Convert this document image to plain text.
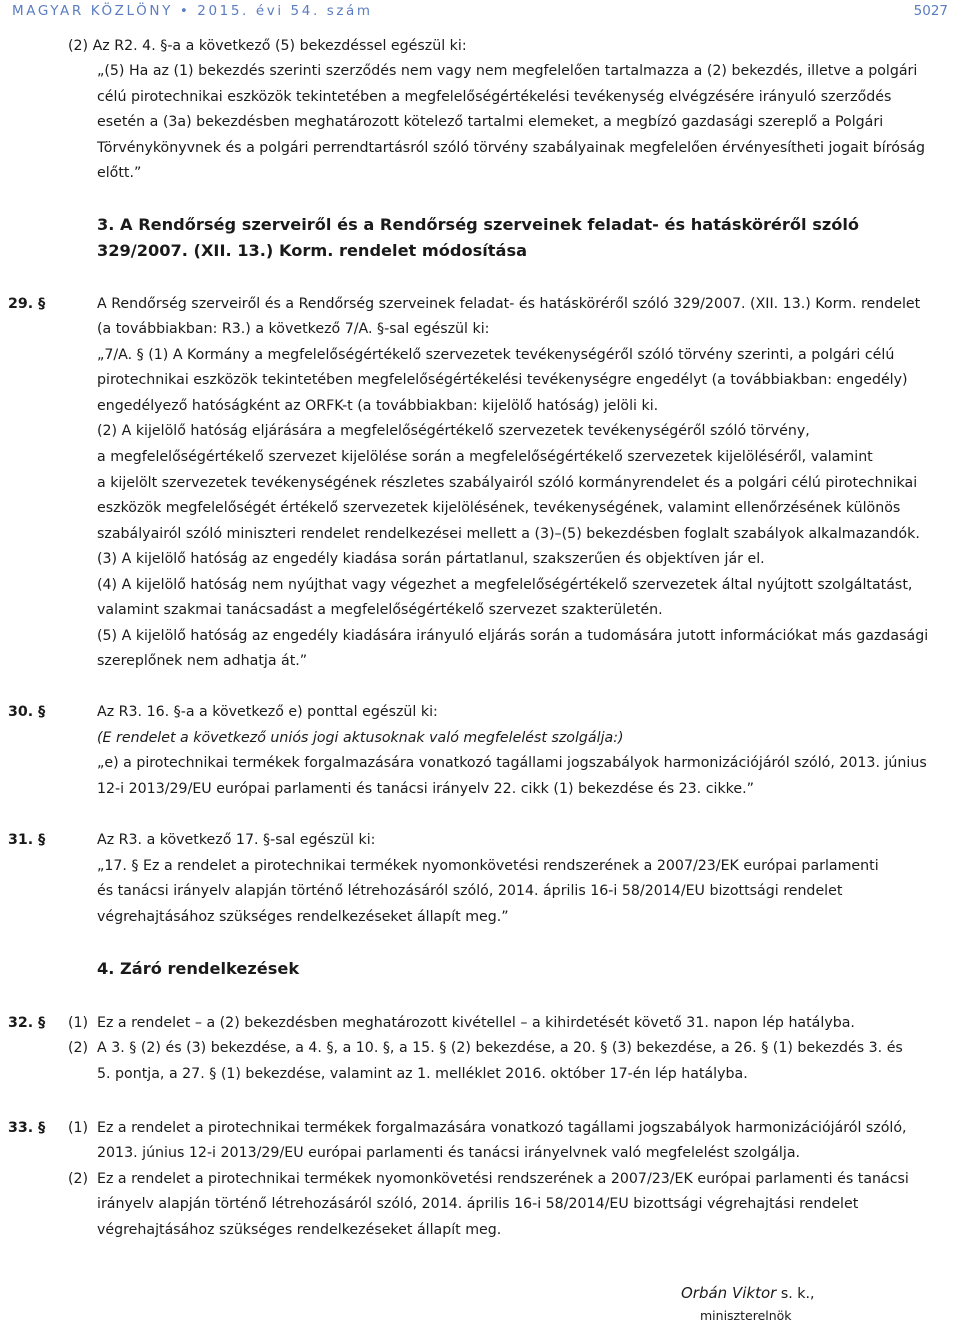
MAGYAR KÖZLÖNY • 2015. évi 54. szám	5027
(2) Az R2. 4. §-a a következő (5) bekezdéssel egészül ki:
„(5) Ha az (1) bekezdés szerinti szerződés nem vagy nem megfelelően tartalmazza a (2) bekezdés, illetve a polgári
célú pirotechnikai eszközök tekintetében a megfelelőségértékelési tevékenység elvégzésére irányuló szerződés
esetén a (3a) bekezdésben meghatározott kötelező tartalmi elemeket, a megbízó gazdasági szereplő a Polgári
Törvénykönyvnek és a polgári perrendtartásról szóló törvény szabályainak megfelelően érvényesítheti jogait bíróság
előtt.”
3. A Rendőrség szerveiről és a Rendőrség szerveinek feladat- és hatásköréről szóló
329/2007. (XII. 13.) Korm. rendelet módosítása
29. §	A Rendőrség szerveiről és a Rendőrség szerveinek feladat- és hatásköréről szóló 329/2007. (XII. 13.) Korm. rendelet
(a továbbiakban: R3.) a következő 7/A. §-sal egészül ki:
„7/A. § (1) A Kormány a megfelelőségértékelő szervezetek tevékenységéről szóló törvény szerinti, a polgári célú
pirotechnikai eszközök tekintetében megfelelőségértékelési tevékenységre engedélyt (a továbbiakban: engedély)
engedélyező hatóságként az ORFK-t (a továbbiakban: kijelölő hatóság) jelöli ki.
(2) A kijelölő hatóság eljárására a megfelelőségértékelő szervezetek tevékenységéről szóló törvény,
a megfelelőségértékelő szervezet kijelölése során a megfelelőségértékelő szervezetek kijelöléséről, valamint
a kijelölt szervezetek tevékenységének részletes szabályairól szóló kormányrendelet és a polgári célú pirotechnikai
eszközök megfelelőségét értékelő szervezetek kijelölésének, tevékenységének, valamint ellenőrzésének különös
szabályairól szóló miniszteri rendelet rendelkezései mellett a (3)–(5) bekezdésben foglalt szabályok alkalmazandók.
(3) A kijelölő hatóság az engedély kiadása során pártatlanul, szakszerűen és objektíven jár el.
(4) A kijelölő hatóság nem nyújthat vagy végezhet a megfelelőségértékelő szervezetek által nyújtott szolgáltatást,
valamint szakmai tanácsadást a megfelelőségértékelő szervezet szakterületén.
(5) A kijelölő hatóság az engedély kiadására irányuló eljárás során a tudomására jutott információkat más gazdasági
szereplőnek nem adhatja át.”
30. §	Az R3. 16. §-a a következő e) ponttal egészül ki:
(E rendelet a következő uniós jogi aktusoknak való megfelelést szolgálja:)
„e) a pirotechnikai termékek forgalmazására vonatkozó tagállami jogszabályok harmonizációjáról szóló, 2013. június
12-i 2013/29/EU európai parlamenti és tanácsi irányelv 22. cikk (1) bekezdése és 23. cikke.”
31. §	Az R3. a következő 17. §-sal egészül ki:
„17. § Ez a rendelet a pirotechnikai termékek nyomonkövetési rendszerének a 2007/23/EK európai parlamenti
és tanácsi irányelv alapján történő létrehozásáról szóló, 2014. április 16-i 58/2014/EU bizottsági rendelet
végrehajtásához szükséges rendelkezéseket állapít meg.”
4. Záró rendelkezések
32. § (1) Ez a rendelet – a (2) bekezdésben meghatározott kivétellel – a kihirdetését követő 31. napon lép hatályba.
(2) A 3. § (2) és (3) bekezdése, a 4. §, a 10. §, a 15. § (2) bekezdése, a 20. § (3) bekezdése, a 26. § (1) bekezdés 3. és
5. pontja, a 27. § (1) bekezdése, valamint az 1. melléklet 2016. október 17-én lép hatályba.
33. § (1) Ez a rendelet a pirotechnikai termékek forgalmazására vonatkozó tagállami jogszabályok harmonizációjáról szóló,
2013. június 12-i 2013/29/EU európai parlamenti és tanácsi irányelvnek való megfelelést szolgálja.
(2) Ez a rendelet a pirotechnikai termékek nyomonkövetési rendszerének a 2007/23/EK európai parlamenti és tanácsi
irányelv alapján történő létrehozásáról szóló, 2014. április 16-i 58/2014/EU bizottsági végrehajtási rendelet
végrehajtásához szükséges rendelkezéseket állapít meg.
Orbán Viktor s. k.,
miniszterelnök
